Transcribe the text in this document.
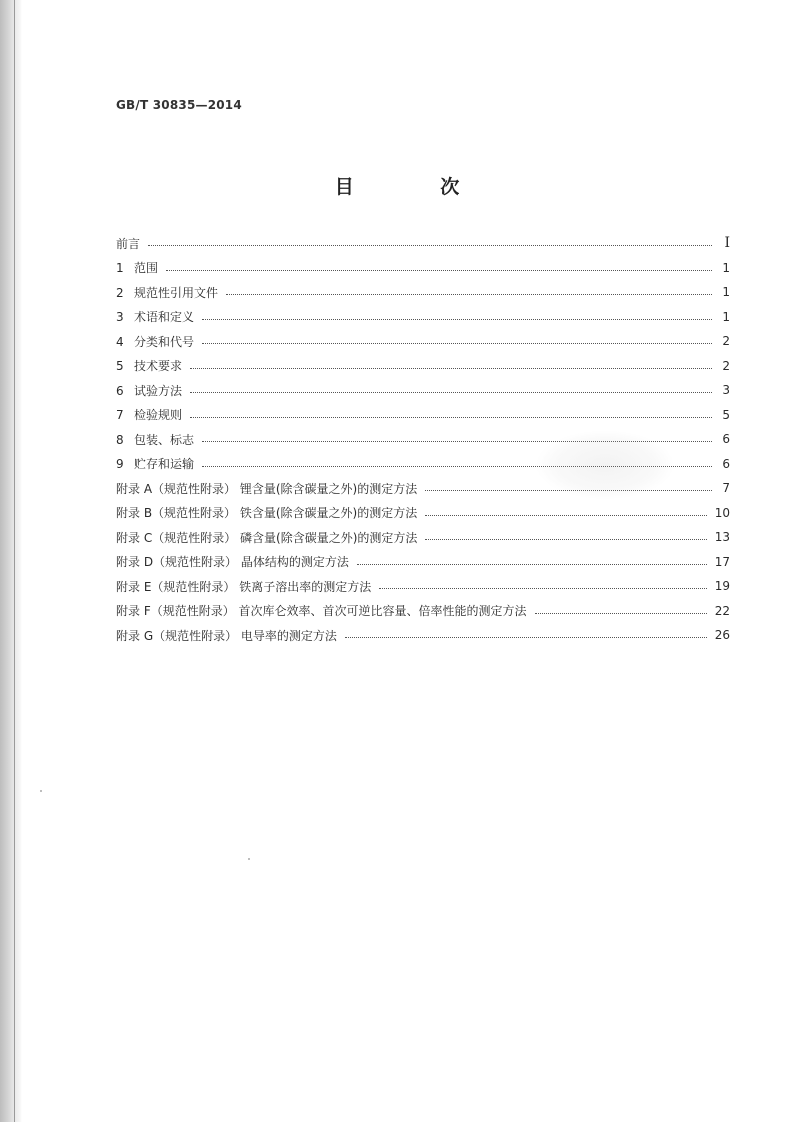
GB/T 30835—2014
目 次
前言	Ⅰ
1 范围	1
2 规范性引用文件	1
3 术语和定义	1
4 分类和代号	2
5 技术要求	2
6 试验方法	3
7 检验规则	5
8 包装、标志	6
9 贮存和运输	6
附录 A（规范性附录） 锂含量(除含碳量之外)的测定方法	7
附录 B（规范性附录） 铁含量(除含碳量之外)的测定方法	10
附录 C（规范性附录） 磷含量(除含碳量之外)的测定方法	13
附录 D（规范性附录） 晶体结构的测定方法	17
附录 E（规范性附录） 铁离子溶出率的测定方法	19
附录 F（规范性附录） 首次库仑效率、首次可逆比容量、倍率性能的测定方法	22
附录 G（规范性附录） 电导率的测定方法	26
